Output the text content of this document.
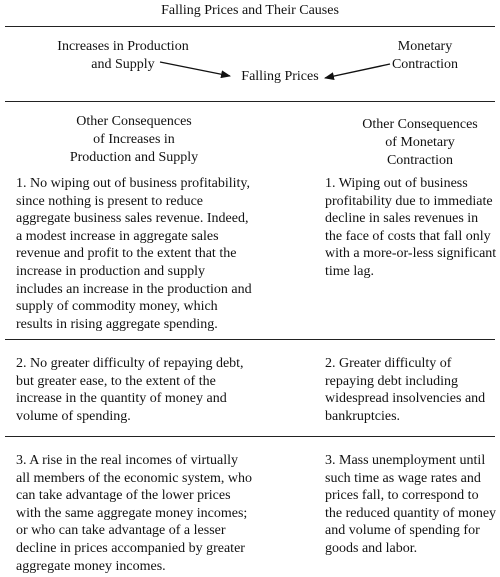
Falling Prices and Their Causes
Increases in Production
and Supply
Monetary
Contraction
Falling Prices
Other Consequences
of Increases in
Production and Supply
Other Consequences
of Monetary
Contraction
1. No wiping out of business profitability,
since nothing is present to reduce
aggregate business sales revenue. Indeed,
a modest increase in aggregate sales
revenue and profit to the extent that the
increase in production and supply
includes an increase in the production and
supply of commodity money, which
results in rising aggregate spending.
1. Wiping out of business
profitability due to immediate
decline in sales revenues in
the face of costs that fall only
with a more-or-less significant
time lag.
2. No greater difficulty of repaying debt,
but greater ease, to the extent of the
increase in the quantity of money and
volume of spending.
2. Greater difficulty of
repaying debt including
widespread insolvencies and
bankruptcies.
3. A rise in the real incomes of virtually
all members of the economic system, who
can take advantage of the lower prices
with the same aggregate money incomes;
or who can take advantage of a lesser
decline in prices accompanied by greater
aggregate money incomes.
3. Mass unemployment until
such time as wage rates and
prices fall, to correspond to
the reduced quantity of money
and volume of spending for
goods and labor.
